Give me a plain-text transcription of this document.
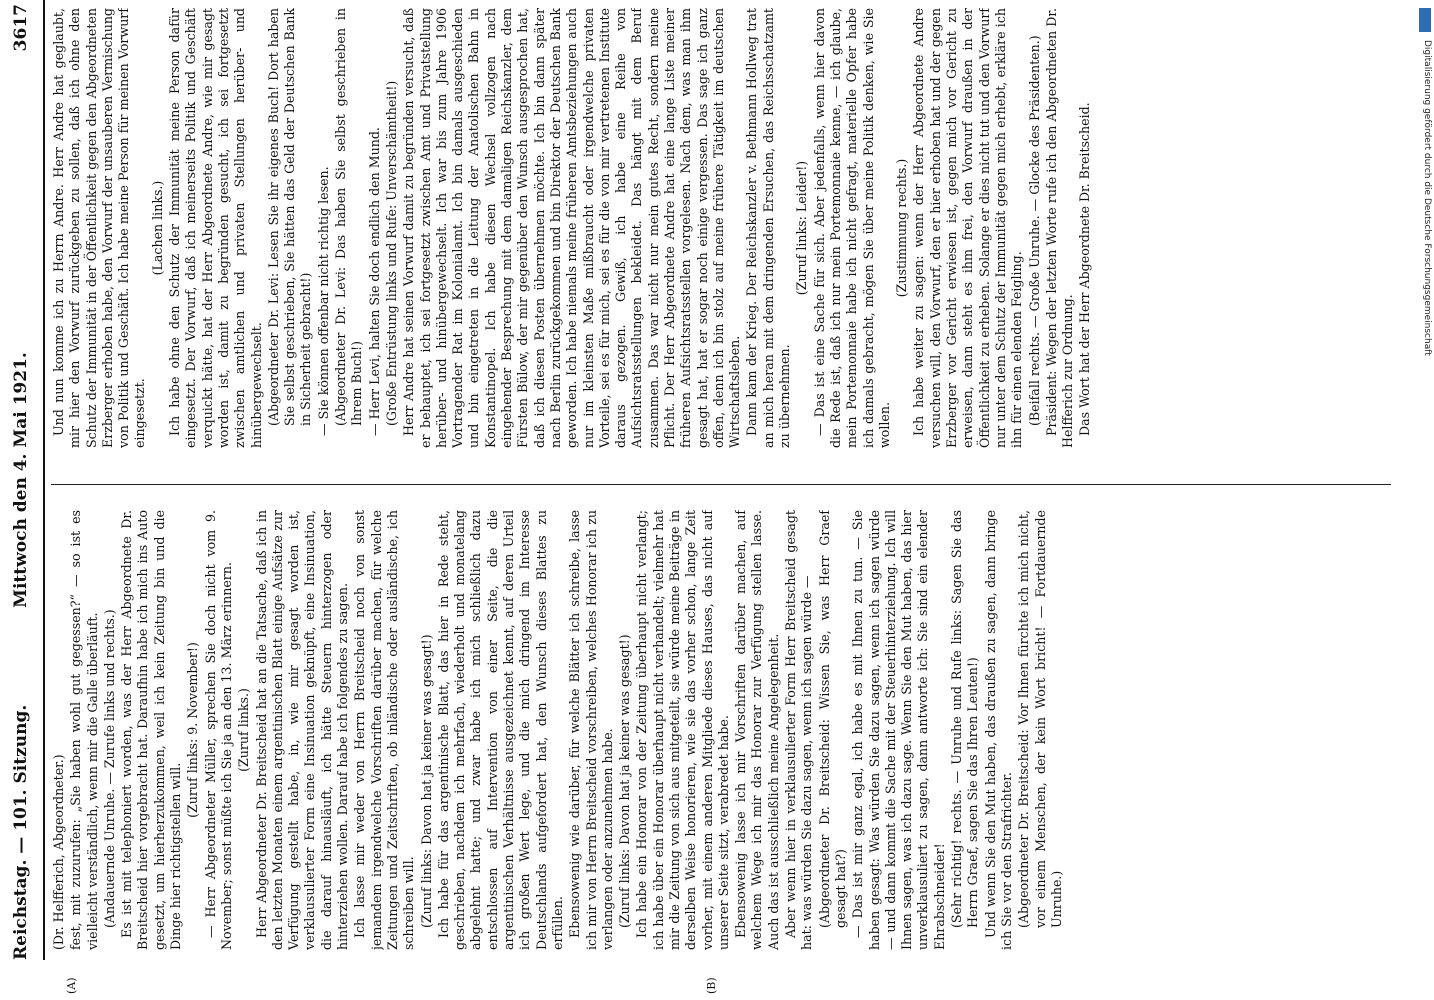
Digitalisierung gefördert durch die Deutsche Forschungsgemeinschaft
Reichstag. — 101. Sitzung.
Mittwoch den 4. Mai 1921.
3617
(A)	(B)

(Dr. Helfferich, Abgeordneter.) fest, mit zuzurufen: „Sie haben wohl gut gegessen?“ — so ist es vielleicht verständlich, wenn mir die Galle überläuft. (Andauernde Unruhe. — Zurufe links und rechts.) Es ist mit telephoniert worden, was der Herr Abgeordnete Dr. Breitscheid hier vorgebracht hat. Daraufhin habe ich mich ins Auto gesetzt, um hierherzukommen, weil ich kein Zeitung bin und die Dinge hier richtigstellen will.

(Zuruf links: 9. November!) — Herr Abgeordneter Müller, sprechen Sie doch nicht vom 9. November; sonst müßte ich Sie ja an den 13. März erinnern. (Zuruf links.) Herr Abgeordneter Dr. Breitscheid hat an die Tatsache, daß ich in den letzten Monaten einem argentinischen Blatt einige Aufsätze zur Verfügung gestellt habe, in, wie mir gesagt worden ist, verklausulierter Form eine Insinuation geknüpft, eine Insinuation, die darauf hinausläuft, ich hätte Steuern hinterzogen oder hinterziehen wollen. Darauf habe ich folgendes zu sagen. Ich lasse mir weder von Herrn Breitscheid noch von sonst jemandem irgendwelche Vorschriften darüber machen, für welche Zeitungen und Zeitschriften, ob inländische oder ausländische, ich schreiben will. (Zuruf links: Davon hat ja keiner was gesagt!) Ich habe für das argentinische Blatt, das hier in Rede steht, geschrieben, nachdem ich mehrfach, wiederholt und monatelang abgelehnt hatte; und zwar habe ich mich schließlich dazu entschlossen auf Intervention von einer Seite, die die argentinischen Verhältnisse ausgezeichnet kennt, auf deren Urteil ich großen Wert lege, und die mich dringend im Interesse Deutschlands aufgefordert hat, den Wunsch dieses Blattes zu erfüllen. Ebensowenig wie darüber, für welche Blätter ich schreibe, lasse ich mir von Herrn Breitscheid vorschreiben, welches Honorar ich zu verlangen oder anzunehmen habe. (Zuruf links: Davon hat ja keiner was gesagt!) Ich habe ein Honorar von der Zeitung überhaupt nicht verlangt; ich habe über ein Honorar überhaupt nicht verhandelt; vielmehr hat mir die Zeitung von sich aus mitgeteilt, sie würde meine Beiträge in derselben Weise honorieren, wie sie das vorher schon, lange Zeit vorher, mit einem anderen Mitgliede dieses Hauses, das nicht auf unserer Seite sitzt, verabredet habe. Ebensowenig lasse ich mir Vorschriften darüber machen, auf welchem Wege ich mir das Honorar zur Verfügung stellen lasse. Auch das ist ausschließlich meine Angelegenheit. Aber wenn hier in verklausulierter Form Herr Breitscheid gesagt hat: was würden Sie dazu sagen, wenn ich sagen würde — (Abgeordneter Dr. Breitscheid: Wissen Sie, was Herr Graef gesagt hat?) — Das ist mir ganz egal, ich habe es mit Ihnen zu tun. — Sie haben gesagt: Was würden Sie dazu sagen, wenn ich sagen würde — und dann kommt die Sache mit der Steuerhinterziehung. Ich will Ihnen sagen, was ich dazu sage. Wenn Sie den Mut haben, das hier unverklausuliert zu sagen, dann antworte ich: Sie sind ein elender Ehrabschneider! (Sehr richtig! rechts. — Unruhe und Rufe links: Sagen Sie das Herrn Graef, sagen Sie das Ihren Leuten!) Und wenn Sie den Mut haben, das draußen zu sagen, dann bringe ich Sie vor den Strafrichter. (Abgeordneter Dr. Breitscheid: Vor Ihnen fürchte ich mich nicht, vor einem Menschen, der kein Wort bricht! — Fortdauernde Unruhe.)

Und nun komme ich zu Herrn Andre. Herr Andre hat geglaubt, mir hier den Vorwurf zurückgeben zu sollen, daß ich ohne den Schutz der Immunität in der Öffentlichkeit gegen den Abgeordneten Erzberger erhoben habe, den Vorwurf der unsauberen Vermischung von Politik und Geschäft. Ich habe meine Person für meinen Vorwurf eingesetzt.

(Lachen links.) Ich habe ohne den Schutz der Immunität meine Person dafür eingesetzt. Der Vorwurf, daß ich meinerseits Politik und Geschäft verquickt hätte, hat der Herr Abgeordnete Andre, wie mir gesagt worden ist, damit zu begründen gesucht, ich sei fortgesetzt zwischen amtlichen und privaten Stellungen herüber- und hinübergewechselt. (Abgeordneter Dr. Levi: Lesen Sie ihr eigenes Buch! Dort haben Sie selbst geschrieben, Sie hätten das Geld der Deutschen Bank in Sicherheit gebracht!) — Sie können offenbar nicht richtig lesen. (Abgeordneter Dr. Levi: Das haben Sie selbst geschrieben in Ihrem Buch!) — Herr Levi, halten Sie doch endlich den Mund. (Große Entrüstung links und Rufe: Unverschämtheit!) Herr Andre hat seinen Vorwurf damit zu begründen versucht, daß er behauptet, ich sei fortgesetzt zwischen Amt und Privatstellung herüber- und hinübergewechselt. Ich war bis zum Jahre 1906 Vortragender Rat im Kolonialamt. Ich bin damals ausgeschieden und bin eingetreten in die Leitung der Anatolischen Bahn in Konstantinopel. Ich habe diesen Wechsel vollzogen nach eingehender Besprechung mit dem damaligen Reichskanzler, dem Fürsten Bülow, der mir gegenüber den Wunsch ausgesprochen hat, daß ich diesen Posten übernehmen möchte. Ich bin dann später nach Berlin zurückgekommen und bin Direktor der Deutschen Bank geworden. Ich habe niemals meine früheren Amtsbeziehungen auch nur im kleinsten Maße mißbraucht oder irgendwelche privaten Vorteile, sei es für mich, sei es für die von mir vertretenen Institute daraus gezogen. Gewiß, ich habe eine Reihe von Aufsichtsratsstellungen bekleidet. Das hängt mit dem Beruf zusammen. Das war nicht nur mein gutes Recht, sondern meine Pflicht. Der Herr Abgeordnete Andre hat eine lange Liste meiner früheren Aufsichtsratsstellen vorgelesen. Nach dem, was man ihm gesagt hat, hat er sogar noch einige vergessen. Das sage ich ganz offen, denn ich bin stolz auf meine frühere Tätigkeit im deutschen Wirtschaftsleben. Dann kam der Krieg. Der Reichskanzler v. Bethmann Hollweg trat an mich heran mit dem dringenden Ersuchen, das Reichsschatzamt zu übernehmen.

(Zuruf links: Leider!) — Das ist eine Sache für sich. Aber jedenfalls, wenn hier davon die Rede ist, daß ich nur mein Portemonnaie kenne, — ich glaube, mein Portemonnaie habe ich nicht gefragt, materielle Opfer habe ich damals gebracht, mögen Sie über meine Politik denken, wie Sie wollen.

(Zustimmung rechts.) Ich habe weiter zu sagen: wenn der Herr Abgeordnete Andre versuchen will, den Vorwurf, den er hier erhoben hat und der gegen Erzberger vor Gericht erwiesen ist, gegen mich vor Gericht zu erweisen, dann steht es ihm frei, den Vorwurf draußen in der Öffentlichkeit zu erheben. Solange er dies nicht tut und den Vorwurf nur unter dem Schutz der Immunität gegen mich erhebt, erkläre ich ihn für einen elenden Feigling. (Beifall rechts. — Große Unruhe. — Glocke des Präsidenten.) Präsident: Wegen der letzten Worte rufe ich den Abgeordneten Dr. Helfferich zur Ordnung. Das Wort hat der Herr Abgeordnete Dr. Breitscheid.
